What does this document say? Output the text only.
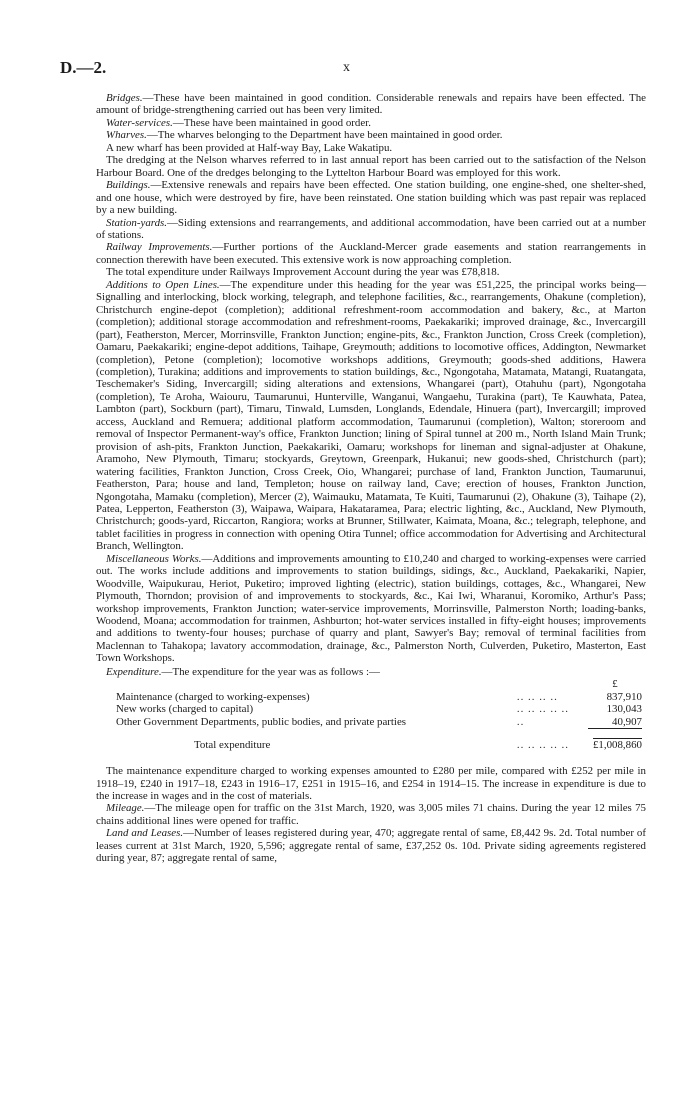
D.—2.	x

Bridges.—These have been maintained in good condition. Considerable renewals and repairs have been effected. The amount of bridge-strengthening carried out has been very limited.

Water-services.—These have been maintained in good order.

Wharves.—The wharves belonging to the Department have been maintained in good order.

A new wharf has been provided at Half-way Bay, Lake Wakatipu.

The dredging at the Nelson wharves referred to in last annual report has been carried out to the satisfaction of the Nelson Harbour Board. One of the dredges belonging to the Lyttelton Harbour Board was employed for this work.

Buildings.—Extensive renewals and repairs have been effected. One station building, one engine-shed, one shelter-shed, and one house, which were destroyed by fire, have been reinstated. One station building which was past repair was replaced by a new building.

Station-yards.—Siding extensions and rearrangements, and additional accommodation, have been carried out at a number of stations.

Railway Improvements.—Further portions of the Auckland-Mercer grade easements and station rearrangements in connection therewith have been executed. This extensive work is now approaching completion.

The total expenditure under Railways Improvement Account during the year was £78,818.

Additions to Open Lines.—The expenditure under this heading for the year was £51,225, the principal works being—Signalling and interlocking, block working, telegraph, and telephone facilities, &c., rearrangements, Ohakune (completion), Christchurch engine-depot (completion); additional refreshment-room accommodation and bakery, &c., at Marton (completion); additional storage accommodation and refreshment-rooms, Paekakariki; improved drainage, &c., Invercargill (part), Featherston, Mercer, Morrinsville, Frankton Junction; engine-pits, &c., Frankton Junction, Cross Creek (completion), Oamaru, Paekakariki; engine-depot additions, Taihape, Greymouth; additions to locomotive offices, Addington, Newmarket (completion), Petone (completion); locomotive workshops additions, Greymouth; goods-shed additions, Hawera (completion), Turakina; additions and improvements to station buildings, &c., Ngongotaha, Matamata, Matangi, Ruatangata, Teschemaker's Siding, Invercargill; siding alterations and extensions, Whangarei (part), Otahuhu (part), Ngongotaha (completion), Te Aroha, Waiouru, Taumarunui, Hunterville, Wanganui, Wangaehu, Turakina (part), Te Kauwhata, Patea, Lambton (part), Sockburn (part), Timaru, Tinwald, Lumsden, Longlands, Edendale, Hinuera (part), Invercargill; improved access, Auckland and Remuera; additional platform accommodation, Taumarunui (completion), Walton; storeroom and removal of Inspector Permanent-way's office, Frankton Junction; lining of Spiral tunnel at 200 m., North Island Main Trunk; provision of ash-pits, Frankton Junction, Paekakariki, Oamaru; workshops for lineman and signal-adjuster at Ohakune, Aramoho, New Plymouth, Timaru; stockyards, Greytown, Greenpark, Hukanui; new goods-shed, Christchurch (part); watering facilities, Frankton Junction, Cross Creek, Oio, Whangarei; purchase of land, Frankton Junction, Taumarunui, Featherston, Para; house and land, Templeton; house on railway land, Cave; erection of houses, Frankton Junction, Ngongotaha, Mamaku (completion), Mercer (2), Waimauku, Matamata, Te Kuiti, Taumarunui (2), Ohakune (3), Taihape (2), Patea, Lepperton, Featherston (3), Waipawa, Waipara, Hakataramea, Para; electric lighting, &c., Auckland, New Plymouth, Christchurch; goods-yard, Riccarton, Rangiora; works at Brunner, Stillwater, Kaimata, Moana, &c.; telegraph, telephone, and tablet facilities in progress in connection with opening Otira Tunnel; office accommodation for Advertising and Architectural Branch, Wellington.

Miscellaneous Works.—Additions and improvements amounting to £10,240 and charged to working-expenses were carried out. The works include additions and improvements to station buildings, sidings, &c., Auckland, Paekakariki, Napier, Woodville, Waipukurau, Heriot, Puketiro; improved lighting (electric), station buildings, cottages, &c., Whangarei, New Plymouth, Thorndon; provision of and improvements to stockyards, &c., Kai Iwi, Wharanui, Koromiko, Arthur's Pass; workshop improvements, Frankton Junction; water-service improvements, Morrinsville, Palmerston North; loading-banks, Woodend, Moana; accommodation for trainmen, Ashburton; hot-water services installed in fifty-eight houses; improvements and additions to twenty-four houses; purchase of quarry and plant, Sawyer's Bay; removal of terminal facilities from Maclennan to Tahakopa; lavatory accommodation, drainage, &c., Palmerston North, Culverden, Puketiro, Masterton, East Town Workshops.

Expenditure.—The expenditure for the year was as follows :—

		£
Maintenance (charged to working-expenses)	.. .. .. ..	837,910
New works (charged to capital)	.. .. .. .. ..	130,043
Other Government Departments, public bodies, and private parties	..	40,907
Total expenditure	.. .. .. .. ..	£1,008,860

The maintenance expenditure charged to working expenses amounted to £280 per mile, compared with £252 per mile in 1918–19, £240 in 1917–18, £243 in 1916–17, £251 in 1915–16, and £254 in 1914–15. The increase in expenditure is due to the increase in wages and in the cost of materials.

Mileage.—The mileage open for traffic on the 31st March, 1920, was 3,005 miles 71 chains. During the year 12 miles 75 chains additional lines were opened for traffic.

Land and Leases.—Number of leases registered during year, 470; aggregate rental of same, £8,442 9s. 2d. Total number of leases current at 31st March, 1920, 5,596; aggregate rental of same, £37,252 0s. 10d. Private siding agreements registered during year, 87; aggregate rental of same,
